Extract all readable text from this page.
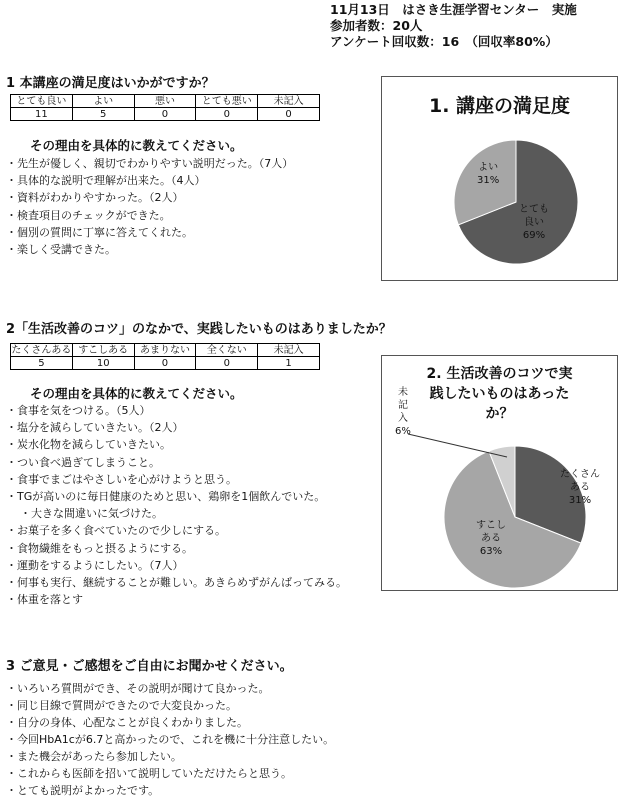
11月13日　はさき生涯学習センター　実施
参加者数：20人
アンケート回収数：16　（回収率80%）
1 本講座の満足度はいかがですか？
とても良い	よい	悪い	とても悪い	未記入
11	5	0	0	0
その理由を具体的に教えてください。
・ 先生が優しく、親切でわかりやすい説明だった。（7人）
・ 具体的な説明で理解が出来た。（4人）
・ 資料がわかりやすかった。（2人）
・ 検査項目のチェックができた。
・ 個別の質問に丁寧に答えてくれた。
・ 楽しく受講できた。
1. 講座の満足度
よい
31%
とても
良い
69%
2「生活改善のコツ」のなかで、実践したいものはありましたか？
たくさんある	すこしある	あまりない	全くない	未記入
5	10	0	0	1
その理由を具体的に教えてください。
・ 食事を気をつける。（5人）
・ 塩分を減らしていきたい。（2人）
・ 炭水化物を減らしていきたい。
・ つい食べ過ぎてしまうこと。
・ 食事でまごはやさしいを心がけようと思う。
・ TGが高いのに毎日健康のためと思い、鶏卵を1個飲んでいた。
・ 大きな間違いに気づけた。
・ お菓子を多く食べていたので少しにする。
・ 食物繊維をもっと摂るようにする。
・ 運動をするようにしたい。（7人）
・ 何事も実行、継続することが難しい。あきらめずがんばってみる。
・ 体重を落とす
2. 生活改善のコツで実
践したいものはあった
か？
未
記
入
6%
たくさん
ある
31%
すこし
ある
63%
3 ご意見・ご感想をご自由にお聞かせください。
・ いろいろ質問ができ、その説明が聞けて良かった。
・ 同じ目線で質問ができたので大変良かった。
・ 自分の身体、心配なことが良くわかりました。
・ 今回HbA1cが6.7と高かったので、これを機に十分注意したい。
・ また機会があったら参加したい。
・ これからも医師を招いて説明していただけたらと思う。
・ とても説明がよかったです。
